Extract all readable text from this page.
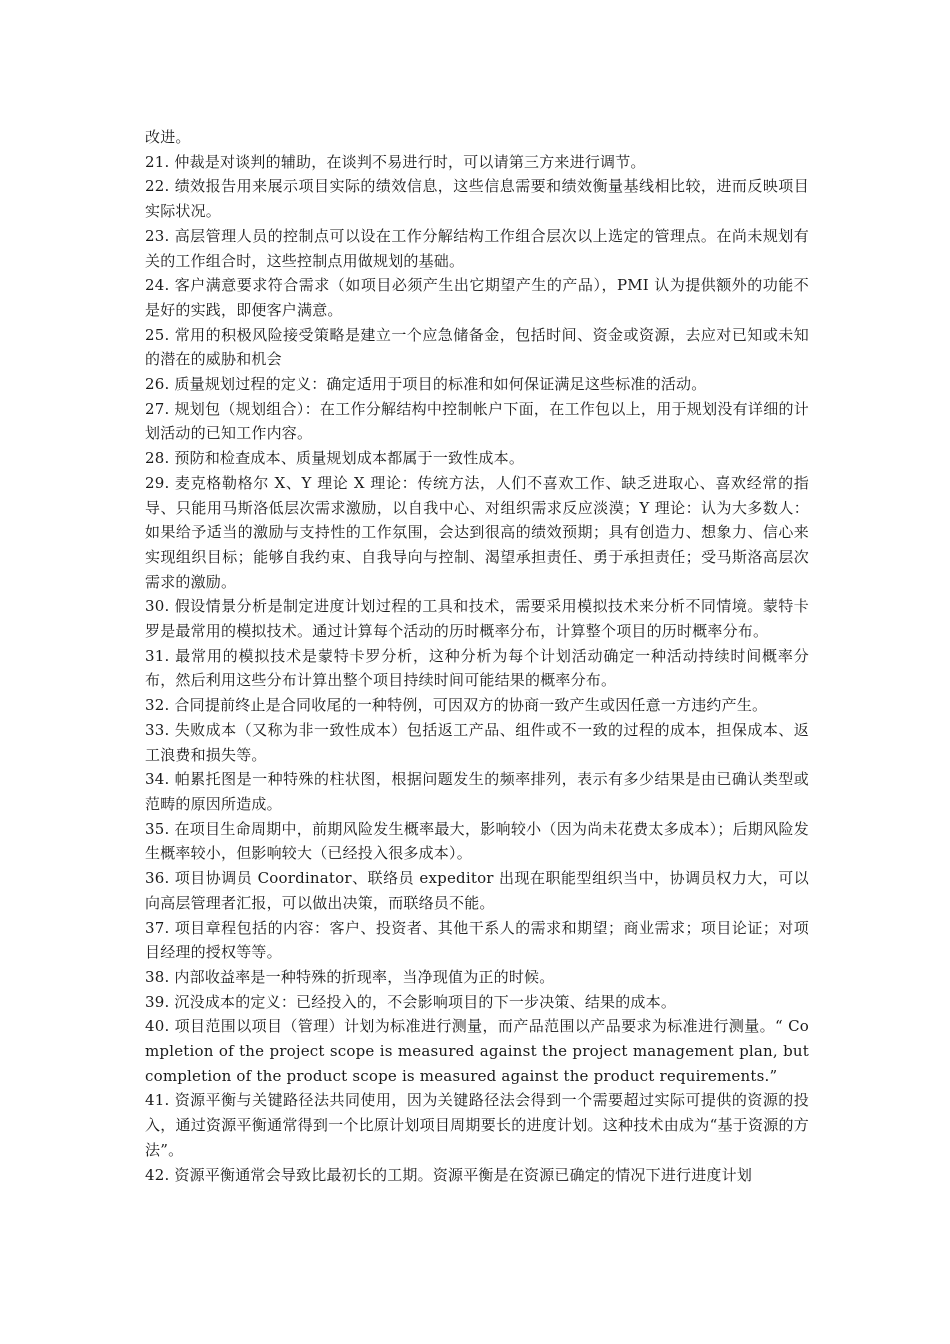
改进。

21. 仲裁是对谈判的辅助，在谈判不易进行时，可以请第三方来进行调节。

22. 绩效报告用来展示项目实际的绩效信息，这些信息需要和绩效衡量基线相比较，进而反映项目实际状况。

23. 高层管理人员的控制点可以设在工作分解结构工作组合层次以上选定的管理点。在尚未规划有关的工作组合时，这些控制点用做规划的基础。

24. 客户满意要求符合需求（如项目必须产生出它期望产生的产品），PMI 认为提供额外的功能不是好的实践，即便客户满意。

25. 常用的积极风险接受策略是建立一个应急储备金，包括时间、资金或资源，去应对已知或未知的潜在的威胁和机会

26. 质量规划过程的定义：确定适用于项目的标准和如何保证满足这些标准的活动。

27. 规划包（规划组合）：在工作分解结构中控制帐户下面，在工作包以上，用于规划没有详细的计划活动的已知工作内容。

28. 预防和检查成本、质量规划成本都属于一致性成本。

29. 麦克格勒格尔 X、Y 理论 X 理论：传统方法，人们不喜欢工作、缺乏进取心、喜欢经常的指导、只能用马斯洛低层次需求激励，以自我中心、对组织需求反应淡漠；Y 理论：认为大多数人：如果给予适当的激励与支持性的工作氛围，会达到很高的绩效预期；具有创造力、想象力、信心来实现组织目标；能够自我约束、自我导向与控制、渴望承担责任、勇于承担责任；受马斯洛高层次需求的激励。

30. 假设情景分析是制定进度计划过程的工具和技术，需要采用模拟技术来分析不同情境。蒙特卡罗是最常用的模拟技术。通过计算每个活动的历时概率分布，计算整个项目的历时概率分布。

31. 最常用的模拟技术是蒙特卡罗分析，这种分析为每个计划活动确定一种活动持续时间概率分布，然后利用这些分布计算出整个项目持续时间可能结果的概率分布。

32. 合同提前终止是合同收尾的一种特例，可因双方的协商一致产生或因任意一方违约产生。

33. 失败成本（又称为非一致性成本）包括返工产品、组件或不一致的过程的成本，担保成本、返工浪费和损失等。

34. 帕累托图是一种特殊的柱状图，根据问题发生的频率排列，表示有多少结果是由已确认类型或范畴的原因所造成。

35. 在项目生命周期中，前期风险发生概率最大，影响较小（因为尚未花费太多成本）；后期风险发生概率较小，但影响较大（已经投入很多成本）。

36. 项目协调员 Coordinator、联络员 expeditor 出现在职能型组织当中，协调员权力大，可以向高层管理者汇报，可以做出决策，而联络员不能。

37. 项目章程包括的内容：客户、投资者、其他干系人的需求和期望；商业需求；项目论证；对项目经理的授权等等。

38. 内部收益率是一种特殊的折现率，当净现值为正的时候。

39. 沉没成本的定义：已经投入的，不会影响项目的下一步决策、结果的成本。

40. 项目范围以项目（管理）计划为标准进行测量，而产品范围以产品要求为标准进行测量。“ Completion of the project scope is measured against the project management plan, but completion of the product scope is measured against the product requirements.”

41. 资源平衡与关键路径法共同使用，因为关键路径法会得到一个需要超过实际可提供的资源的投入，通过资源平衡通常得到一个比原计划项目周期要长的进度计划。这种技术由成为“基于资源的方法”。

42. 资源平衡通常会导致比最初长的工期。资源平衡是在资源已确定的情况下进行进度计划
